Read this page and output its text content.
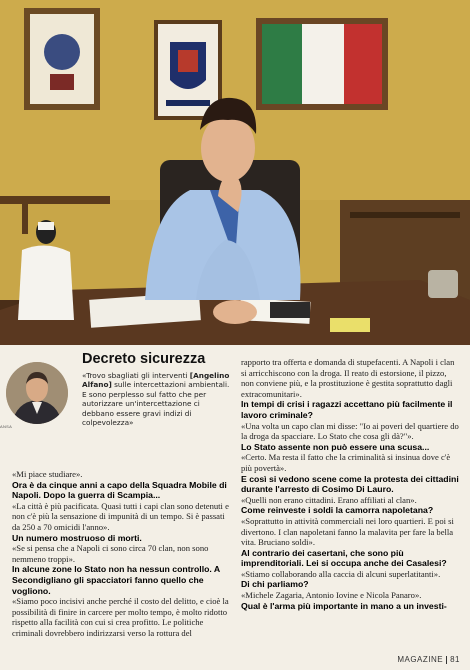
ANSA
Decreto sicurezza
«Trovo sbagliati gli interventi [Angelino Alfano] sulle intercettazioni ambientali. E sono perplesso sul fatto che per autorizzare un'intercettazione ci debbano essere gravi indizi di colpevolezza»

«Mi piace studiare».

Ora è da cinque anni a capo della Squadra Mobile di Napoli. Dopo la guerra di Scampia...

«La città è più pacificata. Quasi tutti i capi clan sono detenuti e non c'è più la sensazione di impunità di un tempo. Si è passati da 250 a 70 omicidi l'anno».

Un numero mostruoso di morti.

«Se si pensa che a Napoli ci sono circa 70 clan, non sono nemmeno troppi».

In alcune zone lo Stato non ha nessun controllo. A Secondigliano gli spacciatori fanno quello che vogliono.

«Siamo poco incisivi anche perché il costo del delitto, e cioè la possibilità di finire in carcere per molto tempo, è molto ridotto rispetto alla facilità con cui si crea profitto. Le politiche criminali dovrebbero indirizzarsi verso la rottura del

rapporto tra offerta e domanda di stupefacenti. A Napoli i clan si arricchiscono con la droga. Il reato di estorsione, il pizzo, non conviene più, e la prostituzione è gestita soprattutto dagli extracomunitari».

In tempi di crisi i ragazzi accettano più facilmente il lavoro criminale?

«Una volta un capo clan mi disse: "Io ai poveri del quartiere do la droga da spacciare. Lo Stato che cosa gli dà?"».

Lo Stato assente non può essere una scusa...

«Certo. Ma resta il fatto che la criminalità si insinua dove c'è più povertà».

E così si vedono scene come la protesta dei cittadini durante l'arresto di Cosimo Di Lauro.

«Quelli non erano cittadini. Erano affiliati al clan».

Come reinveste i soldi la camorra napoletana?

«Soprattutto in attività commerciali nei loro quartieri. E poi si divertono. I clan napoletani fanno la malavita per fare la bella vita. Bruciano soldi».

Al contrario dei casertani, che sono più imprenditoriali. Lei si occupa anche dei Casalesi?

«Stiamo collaborando alla caccia di alcuni superlatitanti».

Di chi parliamo?

«Michele Zagaria, Antonio Iovine e Nicola Panaro».

Qual è l'arma più importante in mano a un investi-

MAGAZINE 81
